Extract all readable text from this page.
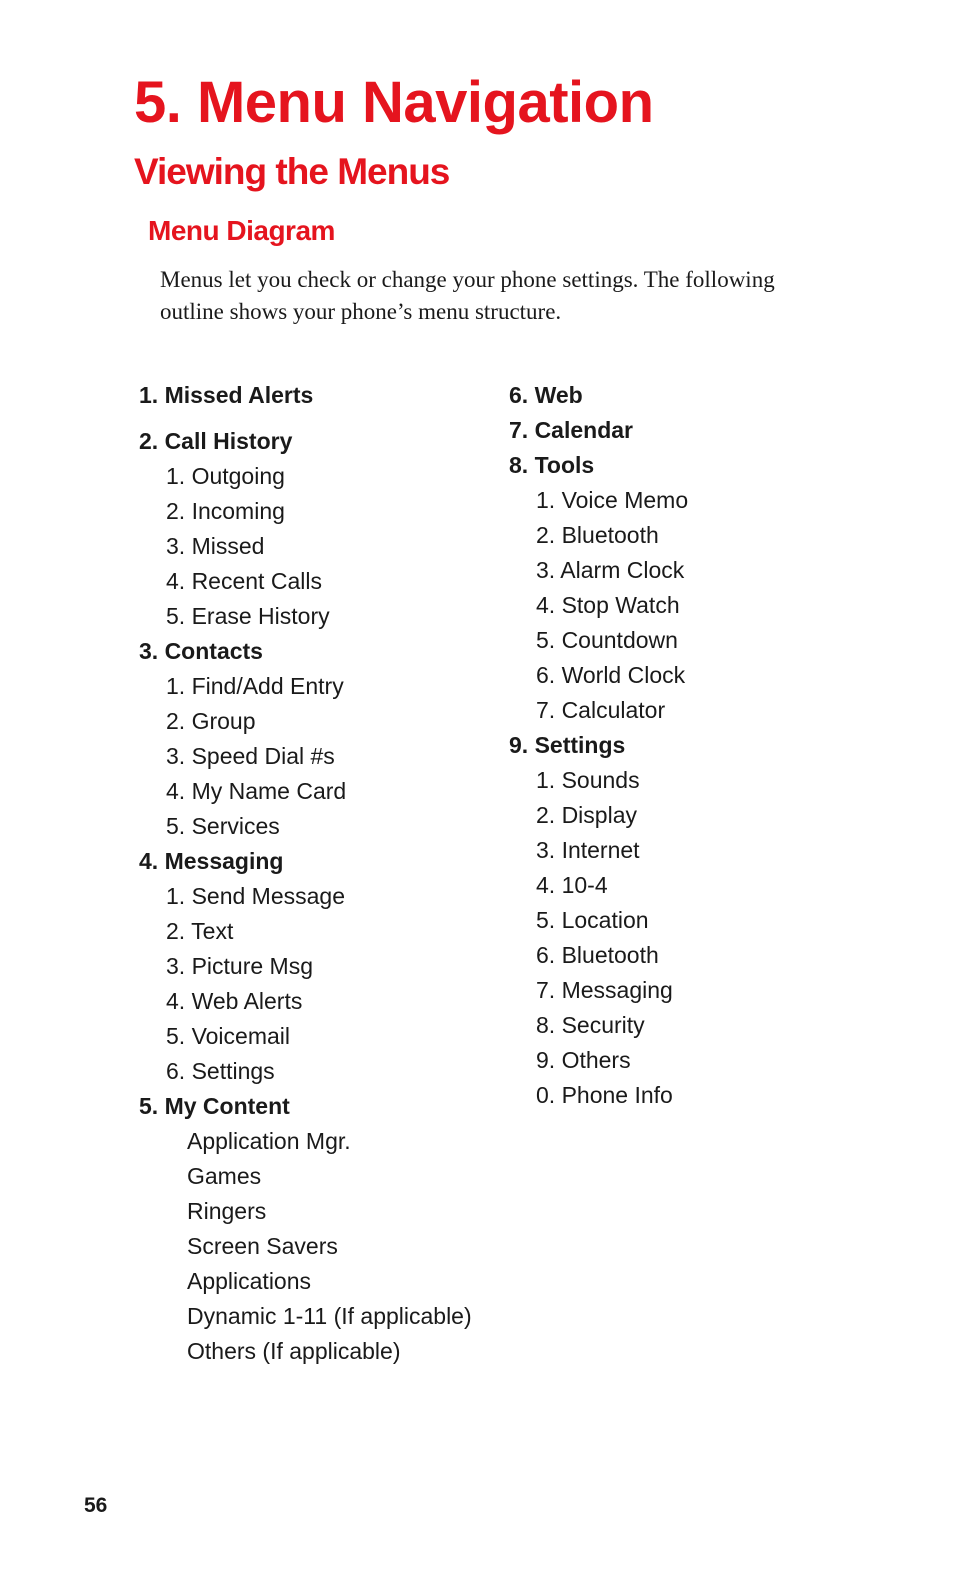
5. Menu Navigation
Viewing the Menus
Menu Diagram

Menus let you check or change your phone settings. The following outline shows your phone’s menu structure.

1. Missed Alerts
2. Call History
1. Outgoing
2. Incoming
3. Missed
4. Recent Calls
5. Erase History
3. Contacts
1. Find/Add Entry
2. Group
3. Speed Dial #s
4. My Name Card
5. Services
4. Messaging
1. Send Message
2. Text
3. Picture Msg
4. Web Alerts
5. Voicemail
6. Settings
5. My Content
Application Mgr.
Games
Ringers
Screen Savers
Applications
Dynamic 1-11 (If applicable)
Others (If applicable)
6. Web
7. Calendar
8. Tools
1. Voice Memo
2. Bluetooth
3. Alarm Clock
4. Stop Watch
5. Countdown
6. World Clock
7. Calculator
9. Settings
1. Sounds
2. Display
3. Internet
4. 10-4
5. Location
6. Bluetooth
7. Messaging
8. Security
9. Others
0. Phone Info
56
